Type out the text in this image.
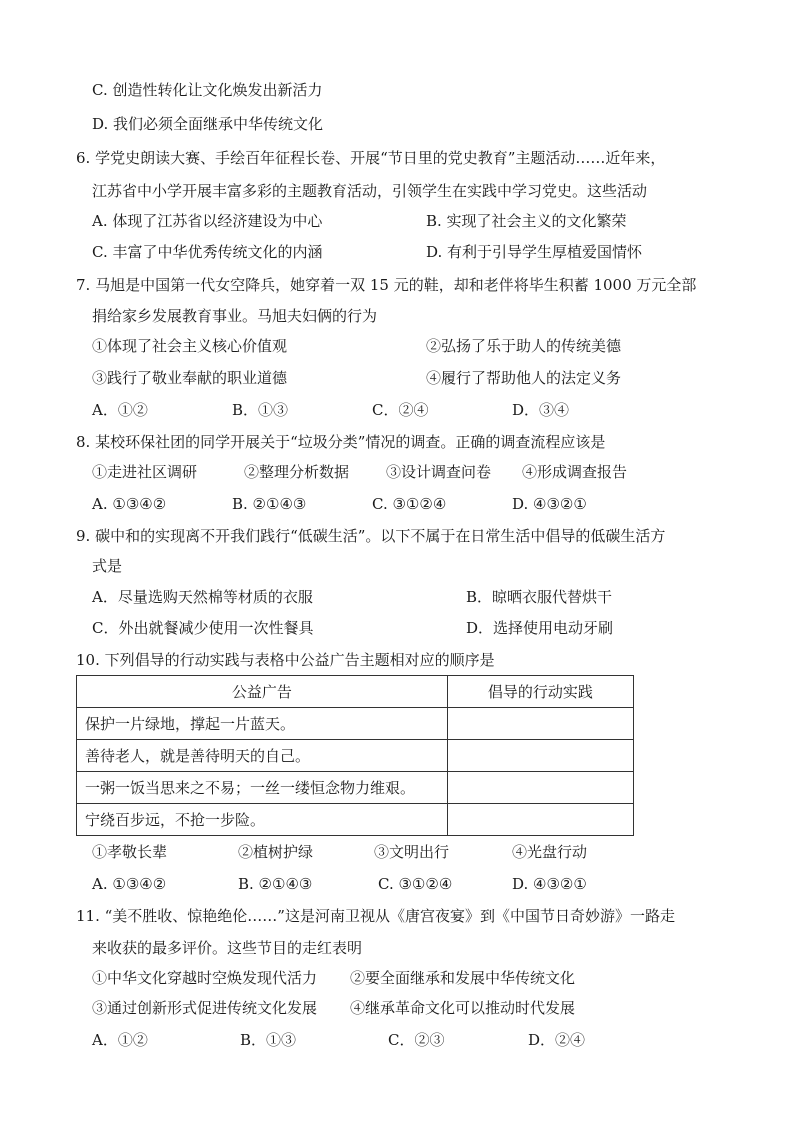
C. 创造性转化让文化焕发出新活力
D. 我们必须全面继承中华传统文化
6. 学党史朗读大赛、手绘百年征程长卷、开展“节日里的党史教育”主题活动……近年来，
江苏省中小学开展丰富多彩的主题教育活动，引领学生在实践中学习党史。这些活动
A. 体现了江苏省以经济建设为中心	B. 实现了社会主义的文化繁荣
C. 丰富了中华优秀传统文化的内涵	D. 有利于引导学生厚植爱国情怀
7. 马旭是中国第一代女空降兵，她穿着一双 15 元的鞋，却和老伴将毕生积蓄 1000 万元全部
捐给家乡发展教育事业。马旭夫妇俩的行为
①体现了社会主义核心价值观	②弘扬了乐于助人的传统美德
③践行了敬业奉献的职业道德	④履行了帮助他人的法定义务
A．①②	B．①③	C．②④	D．③④
8. 某校环保社团的同学开展关于“垃圾分类”情况的调查。正确的调查流程应该是
①走进社区调研	②整理分析数据 ③设计调查问卷 ④形成调查报告
A. ①③④②	B. ②①④③	C. ③①②④	D. ④③②①
9. 碳中和的实现离不开我们践行“低碳生活”。以下不属于在日常生活中倡导的低碳生活方
式是
A．尽量选购天然棉等材质的衣服	B．晾晒衣服代替烘干
C．外出就餐减少使用一次性餐具	D．选择使用电动牙刷
10. 下列倡导的行动实践与表格中公益广告主题相对应的顺序是
公益广告	倡导的行动实践
保护一片绿地，撑起一片蓝天。	
善待老人，就是善待明天的自己。	
一粥一饭当思来之不易；一丝一缕恒念物力维艰。	
宁绕百步远，不抢一步险。	
①孝敬长辈	②植树护绿	③文明出行	④光盘行动
A. ①③④②	B. ②①④③	C. ③①②④	D. ④③②①
11. “美不胜收、惊艳绝伦……”这是河南卫视从《唐宫夜宴》到《中国节日奇妙游》一路走
来收获的最多评价。这些节目的走红表明
①中华文化穿越时空焕发现代活力 ②要全面继承和发展中华传统文化
③通过创新形式促进传统文化发展 ④继承革命文化可以推动时代发展
A．①②	B．①③	C．②③	D．②④
